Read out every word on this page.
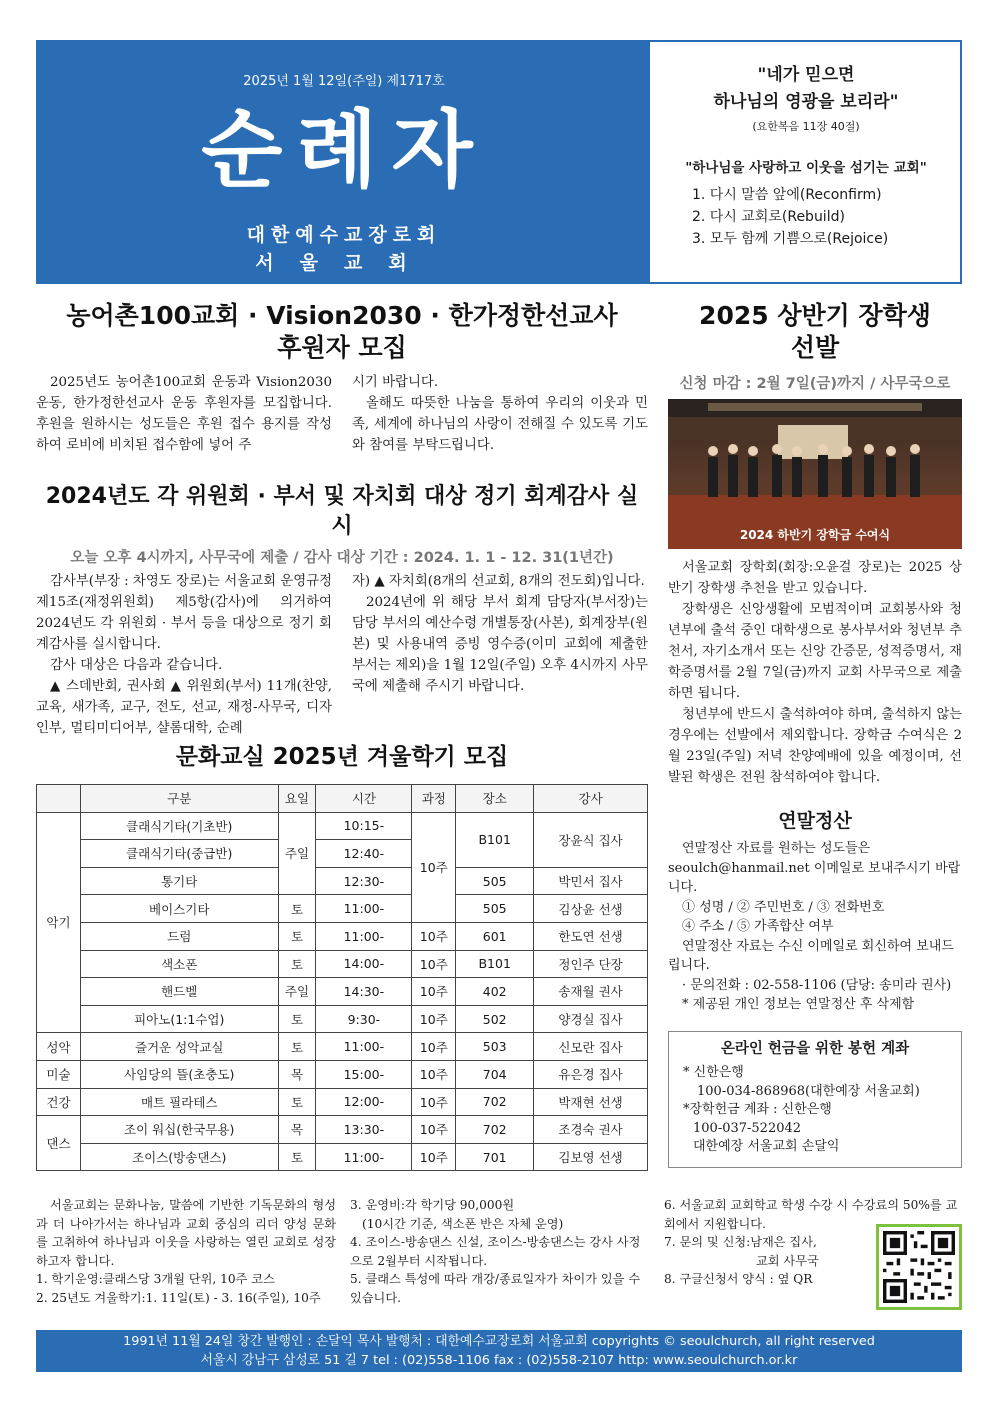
2025년 1월 12일(주일) 제1717호
순례자
대한예수교장로회
서울교회
"네가 믿으면
하나님의 영광을 보리라"
(요한복음 11장 40절)
"하나님을 사랑하고 이웃을 섬기는 교회"
1. 다시 말씀 앞에(Reconfirm)
2. 다시 교회로(Rebuild)
3. 모두 함께 기쁨으로(Rejoice)
농어촌100교회 · Vision2030 · 한가정한선교사
후원자 모집

2025년도 농어촌100교회 운동과 Vision2030 운동, 한가정한선교사 운동 후원자를 모집합니다. 후원을 원하시는 성도들은 후원 접수 용지를 작성하여 로비에 비치된 접수함에 넣어 주

시기 바랍니다.

올해도 따뜻한 나눔을 통하여 우리의 이웃과 민족, 세계에 하나님의 사랑이 전해질 수 있도록 기도와 참여를 부탁드립니다.

2024년도 각 위원회 · 부서 및 자치회 대상 정기 회계감사 실시
오늘 오후 4시까지, 사무국에 제출 / 감사 대상 기간 : 2024. 1. 1 - 12. 31(1년간)

감사부(부장 : 차영도 장로)는 서울교회 운영규정 제15조(재정위원회) 제5항(감사)에 의거하여 2024년도 각 위원회 · 부서 등을 대상으로 정기 회계감사를 실시합니다.

감사 대상은 다음과 같습니다.

▲ 스데반회, 권사회 ▲ 위원회(부서) 11개(찬양, 교육, 새가족, 교구, 전도, 선교, 재정-사무국, 디자인부, 멀티미디어부, 샬롬대학, 순례

자) ▲ 자치회(8개의 선교회, 8개의 전도회)입니다.

2024년에 위 해당 부서 회계 담당자(부서장)는 담당 부서의 예산수령 개별통장(사본), 회계장부(원본) 및 사용내역 증빙 영수증(이미 교회에 제출한 부서는 제외)을 1월 12일(주일) 오후 4시까지 사무국에 제출해 주시기 바랍니다.

문화교실 2025년 겨울학기 모집
	구분	요일	시간	과정	장소	강사
악기	클래식기타(기초반)	주일	10:15-	10주	B101	장윤식 집사
	클래식기타(중급반)		12:40-			
	통기타		12:30-		505	박민서 집사
	베이스기타	토	11:00-		505	김상윤 선생
	드럼	토	11:00-	10주	601	한도연 선생
	색소폰	토	14:00-	10주	B101	정인주 단장
	핸드벨	주일	14:30-	10주	402	송재월 권사
	피아노(1:1수업)	토	9:30-	10주	502	양경실 집사
성악	즐거운 성악교실	토	11:00-	10주	503	신모란 집사
미술	사임당의 뜰(초충도)	목	15:00-	10주	704	유은경 집사
건강	매트 필라테스	토	12:00-	10주	702	박재현 선생
댄스	조이 워십(한국무용)	목	13:30-	10주	702	조경숙 권사
	조이스(방송댄스)	토	11:00-	10주	701	김보영 선생

서울교회는 문화나눔, 말씀에 기반한 기독문화의 형성과 더 나아가서는 하나님과 교회 중심의 리더 양성 문화를 고취하여 하나님과 이웃을 사랑하는 열린 교회로 성장하고자 합니다.

1. 학기운영:클래스당 3개월 단위, 10주 코스

2. 25년도 겨울학기:1. 11일(토) - 3. 16(주일), 10주

3. 운영비:각 학기당 90,000원

(10시간 기준, 색소폰 반은 자체 운영)

4. 조이스-방송댄스 신설, 조이스-방송댄스는 강사 사정으로 2월부터 시작됩니다.

5. 클래스 특성에 따라 개강/종료일자가 차이가 있을 수 있습니다.

6. 서울교회 교회학교 학생 수강 시 수강료의 50%를 교회에서 지원합니다.

7. 문의 및 신청:남재은 집사,

교회 사무국

8. 구글신청서 양식 : 옆 QR

2025 상반기 장학생
선발
신청 마감 : 2월 7일(금)까지 / 사무국으로
2024 하반기 장학금 수여식

서울교회 장학회(회장:오윤걸 장로)는 2025 상반기 장학생 추천을 받고 있습니다.

장학생은 신앙생활에 모범적이며 교회봉사와 청년부에 출석 중인 대학생으로 봉사부서와 청년부 추천서, 자기소개서 또는 신앙 간증문, 성적증명서, 재학증명서를 2월 7일(금)까지 교회 사무국으로 제출하면 됩니다.

청년부에 반드시 출석하여야 하며, 출석하지 않는 경우에는 선발에서 제외합니다. 장학금 수여식은 2월 23일(주일) 저녁 찬양예배에 있을 예정이며, 선발된 학생은 전원 참석하여야 합니다.

연말정산

연말정산 자료를 원하는 성도들은 seoulch@hanmail.net 이메일로 보내주시기 바랍니다.

① 성명 / ② 주민번호 / ③ 전화번호

④ 주소 / ⑤ 가족합산 여부

연말정산 자료는 수신 이메일로 회신하여 보내드립니다.

· 문의전화 : 02-558-1106 (담당: 송미라 권사)

* 제공된 개인 정보는 연말정산 후 삭제함

온라인 헌금을 위한 봉헌 계좌

* 신한은행

100-034-868968(대한예장 서울교회)

*장학헌금 계좌 : 신한은행

100-037-522042

대한예장 서울교회 손달익

1991년 11월 24일 창간 발행인 : 손달익 목사 발행처 : 대한예수교장로회 서울교회 copyrights © seoulchurch, all right reserved
서울시 강남구 삼성로 51 길 7 tel : (02)558-1106 fax : (02)558-2107 http: www.seoulchurch.or.kr
